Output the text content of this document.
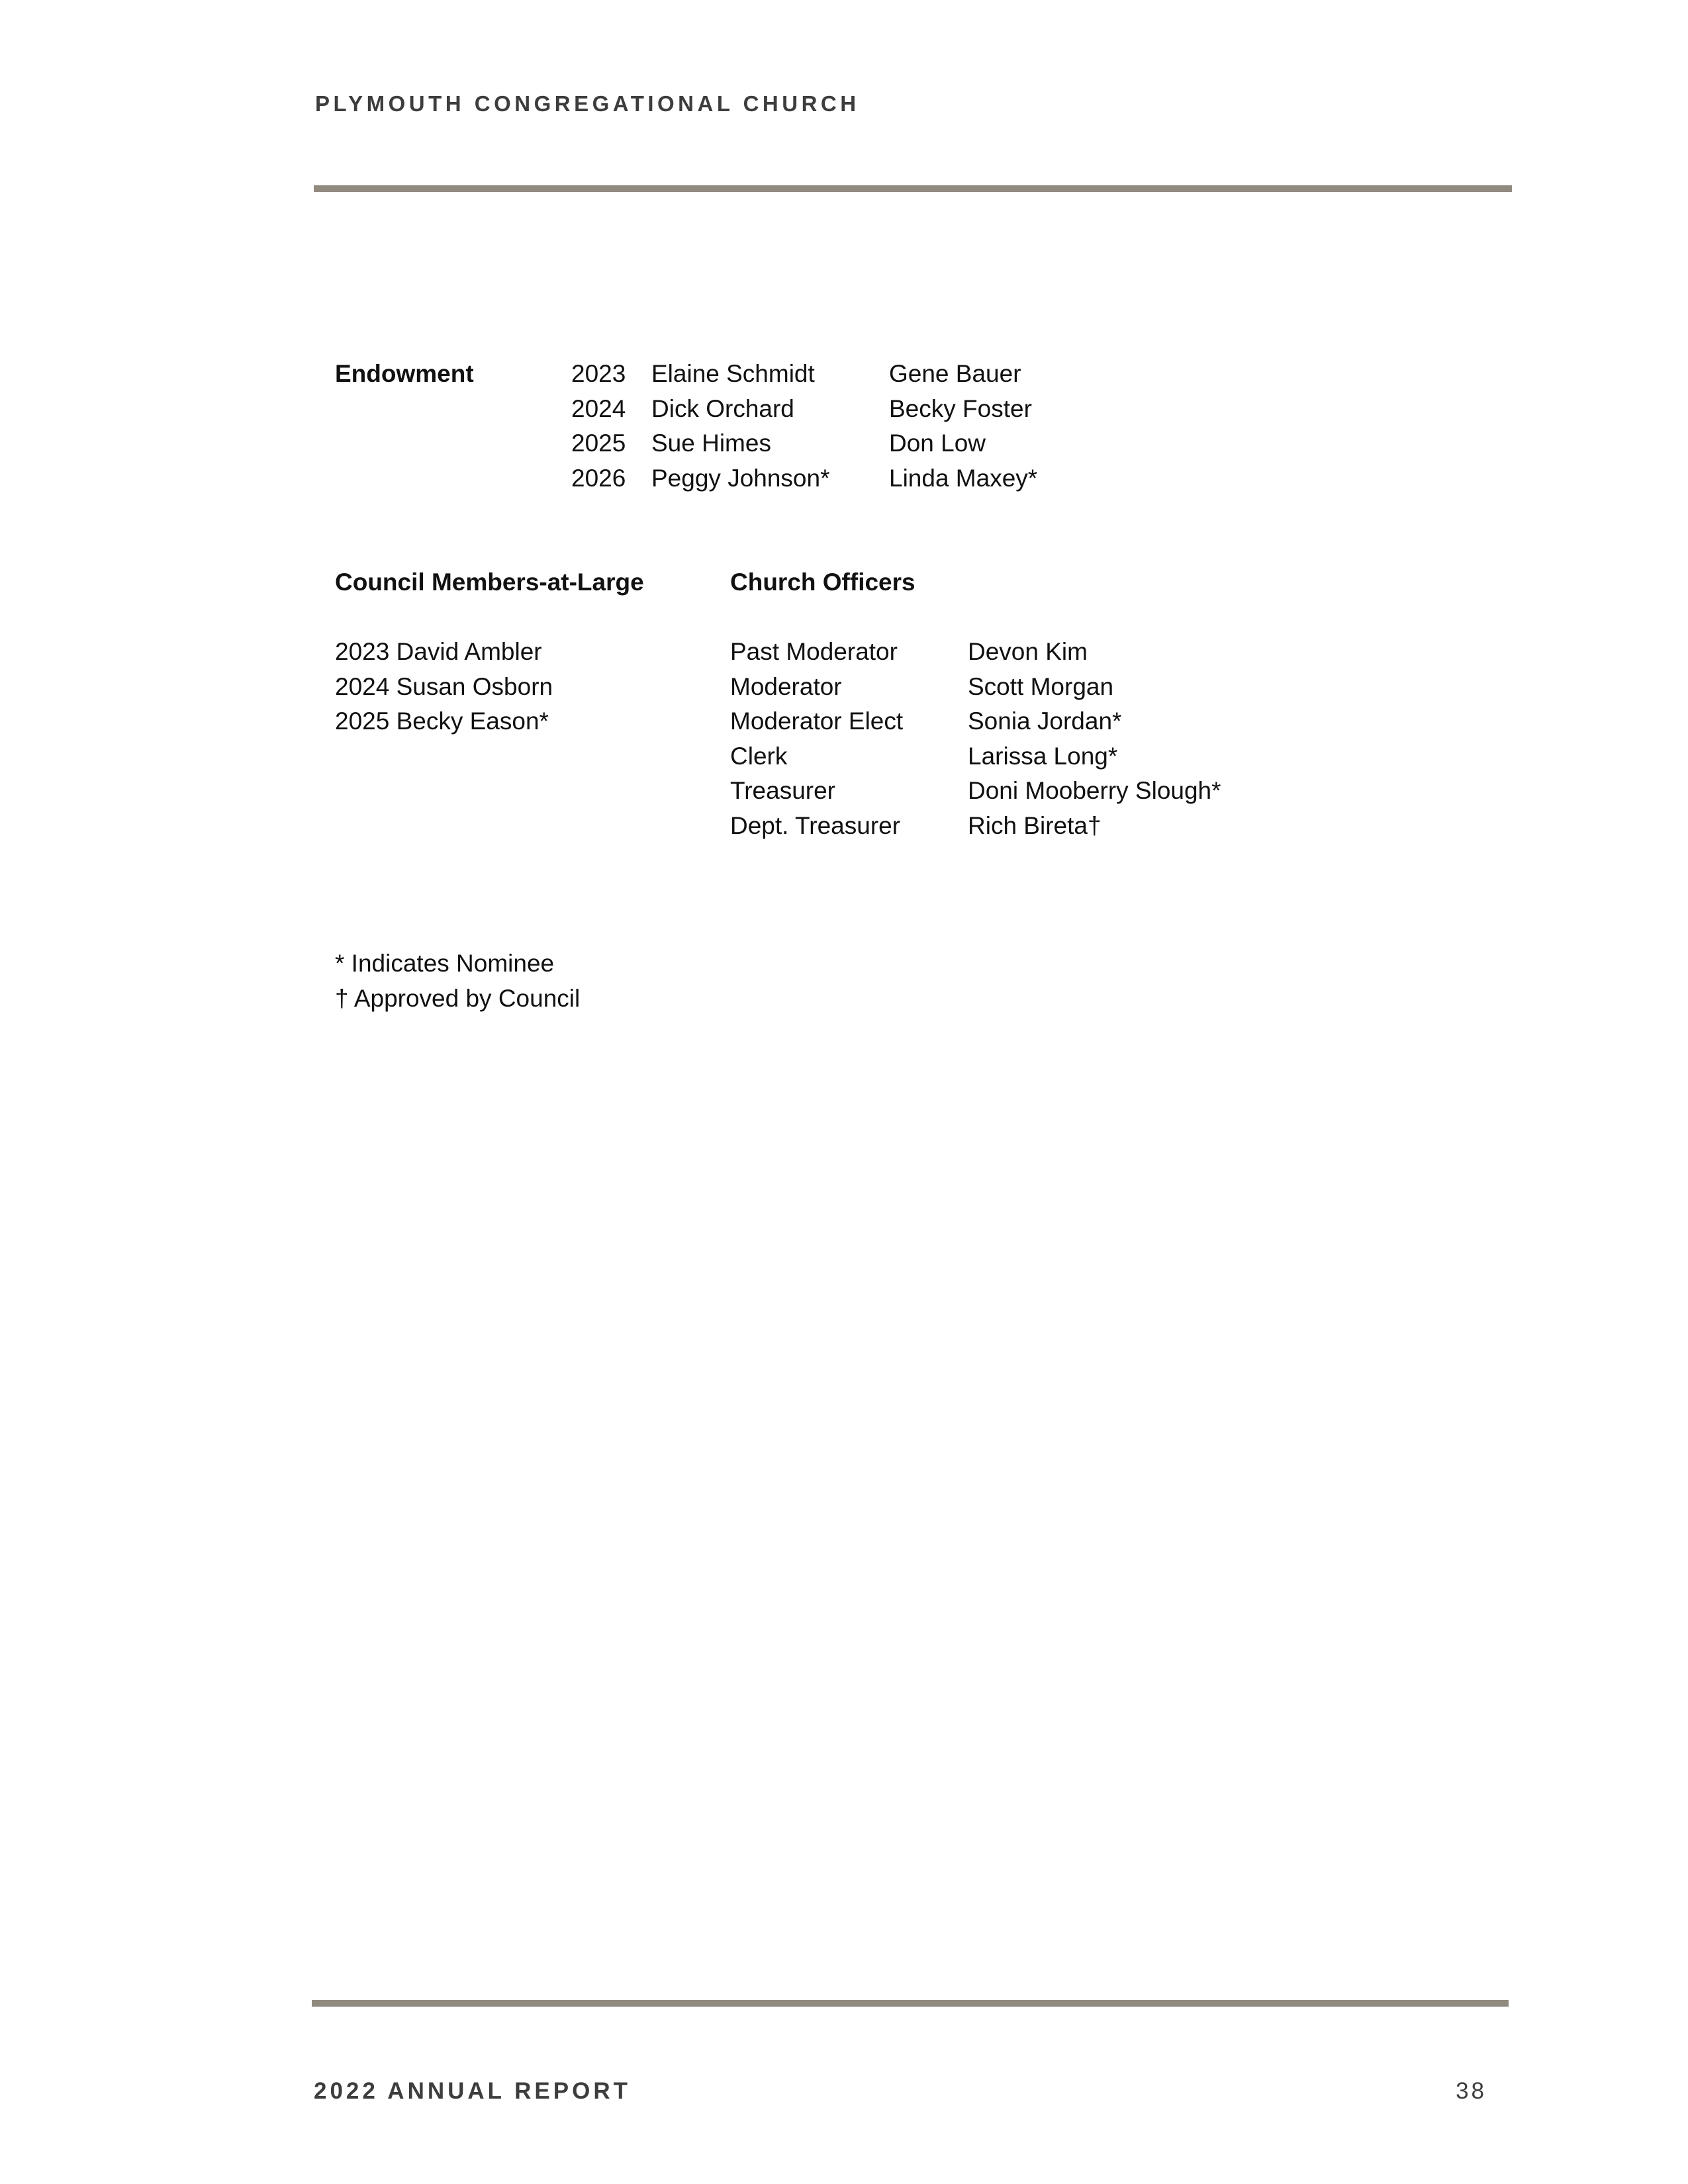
PLYMOUTH CONGREGATIONAL CHURCH
Endowment	2023
2024
2025
2026
Elaine Schmidt
Dick Orchard
Sue Himes
Peggy Johnson*
Gene Bauer
Becky Foster
Don Low
Linda Maxey*
Council Members-at-Large
2023 David Ambler
2024 Susan Osborn
2025 Becky Eason*
Church Officers
Past Moderator
Moderator
Moderator Elect
Clerk
Treasurer
Dept. Treasurer
Devon Kim
Scott Morgan
Sonia Jordan*
Larissa Long*
Doni Mooberry Slough*
Rich Bireta†
* Indicates Nominee
† Approved by Council
2022 ANNUAL REPORT	38
